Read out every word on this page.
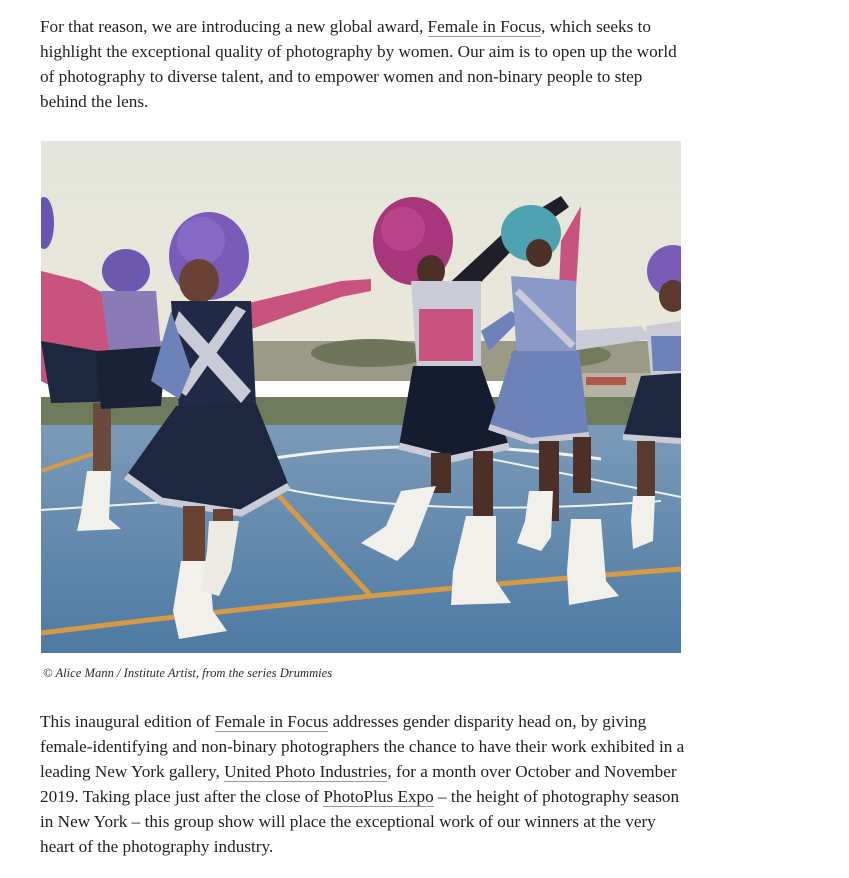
For that reason, we are introducing a new global award, Female in Focus, which seeks to highlight the exceptional quality of photography by women. Our aim is to open up the world of photography to diverse talent, and to empower women and non-binary people to step behind the lens.

© Alice Mann / Institute Artist, from the series Drummies

This inaugural edition of Female in Focus addresses gender disparity head on, by giving female-identifying and non-binary photographers the chance to have their work exhibited in a leading New York gallery, United Photo Industries, for a month over October and November 2019. Taking place just after the close of PhotoPlus Expo – the height of photography season in New York – this group show will place the exceptional work of our winners at the very heart of the photography industry.
